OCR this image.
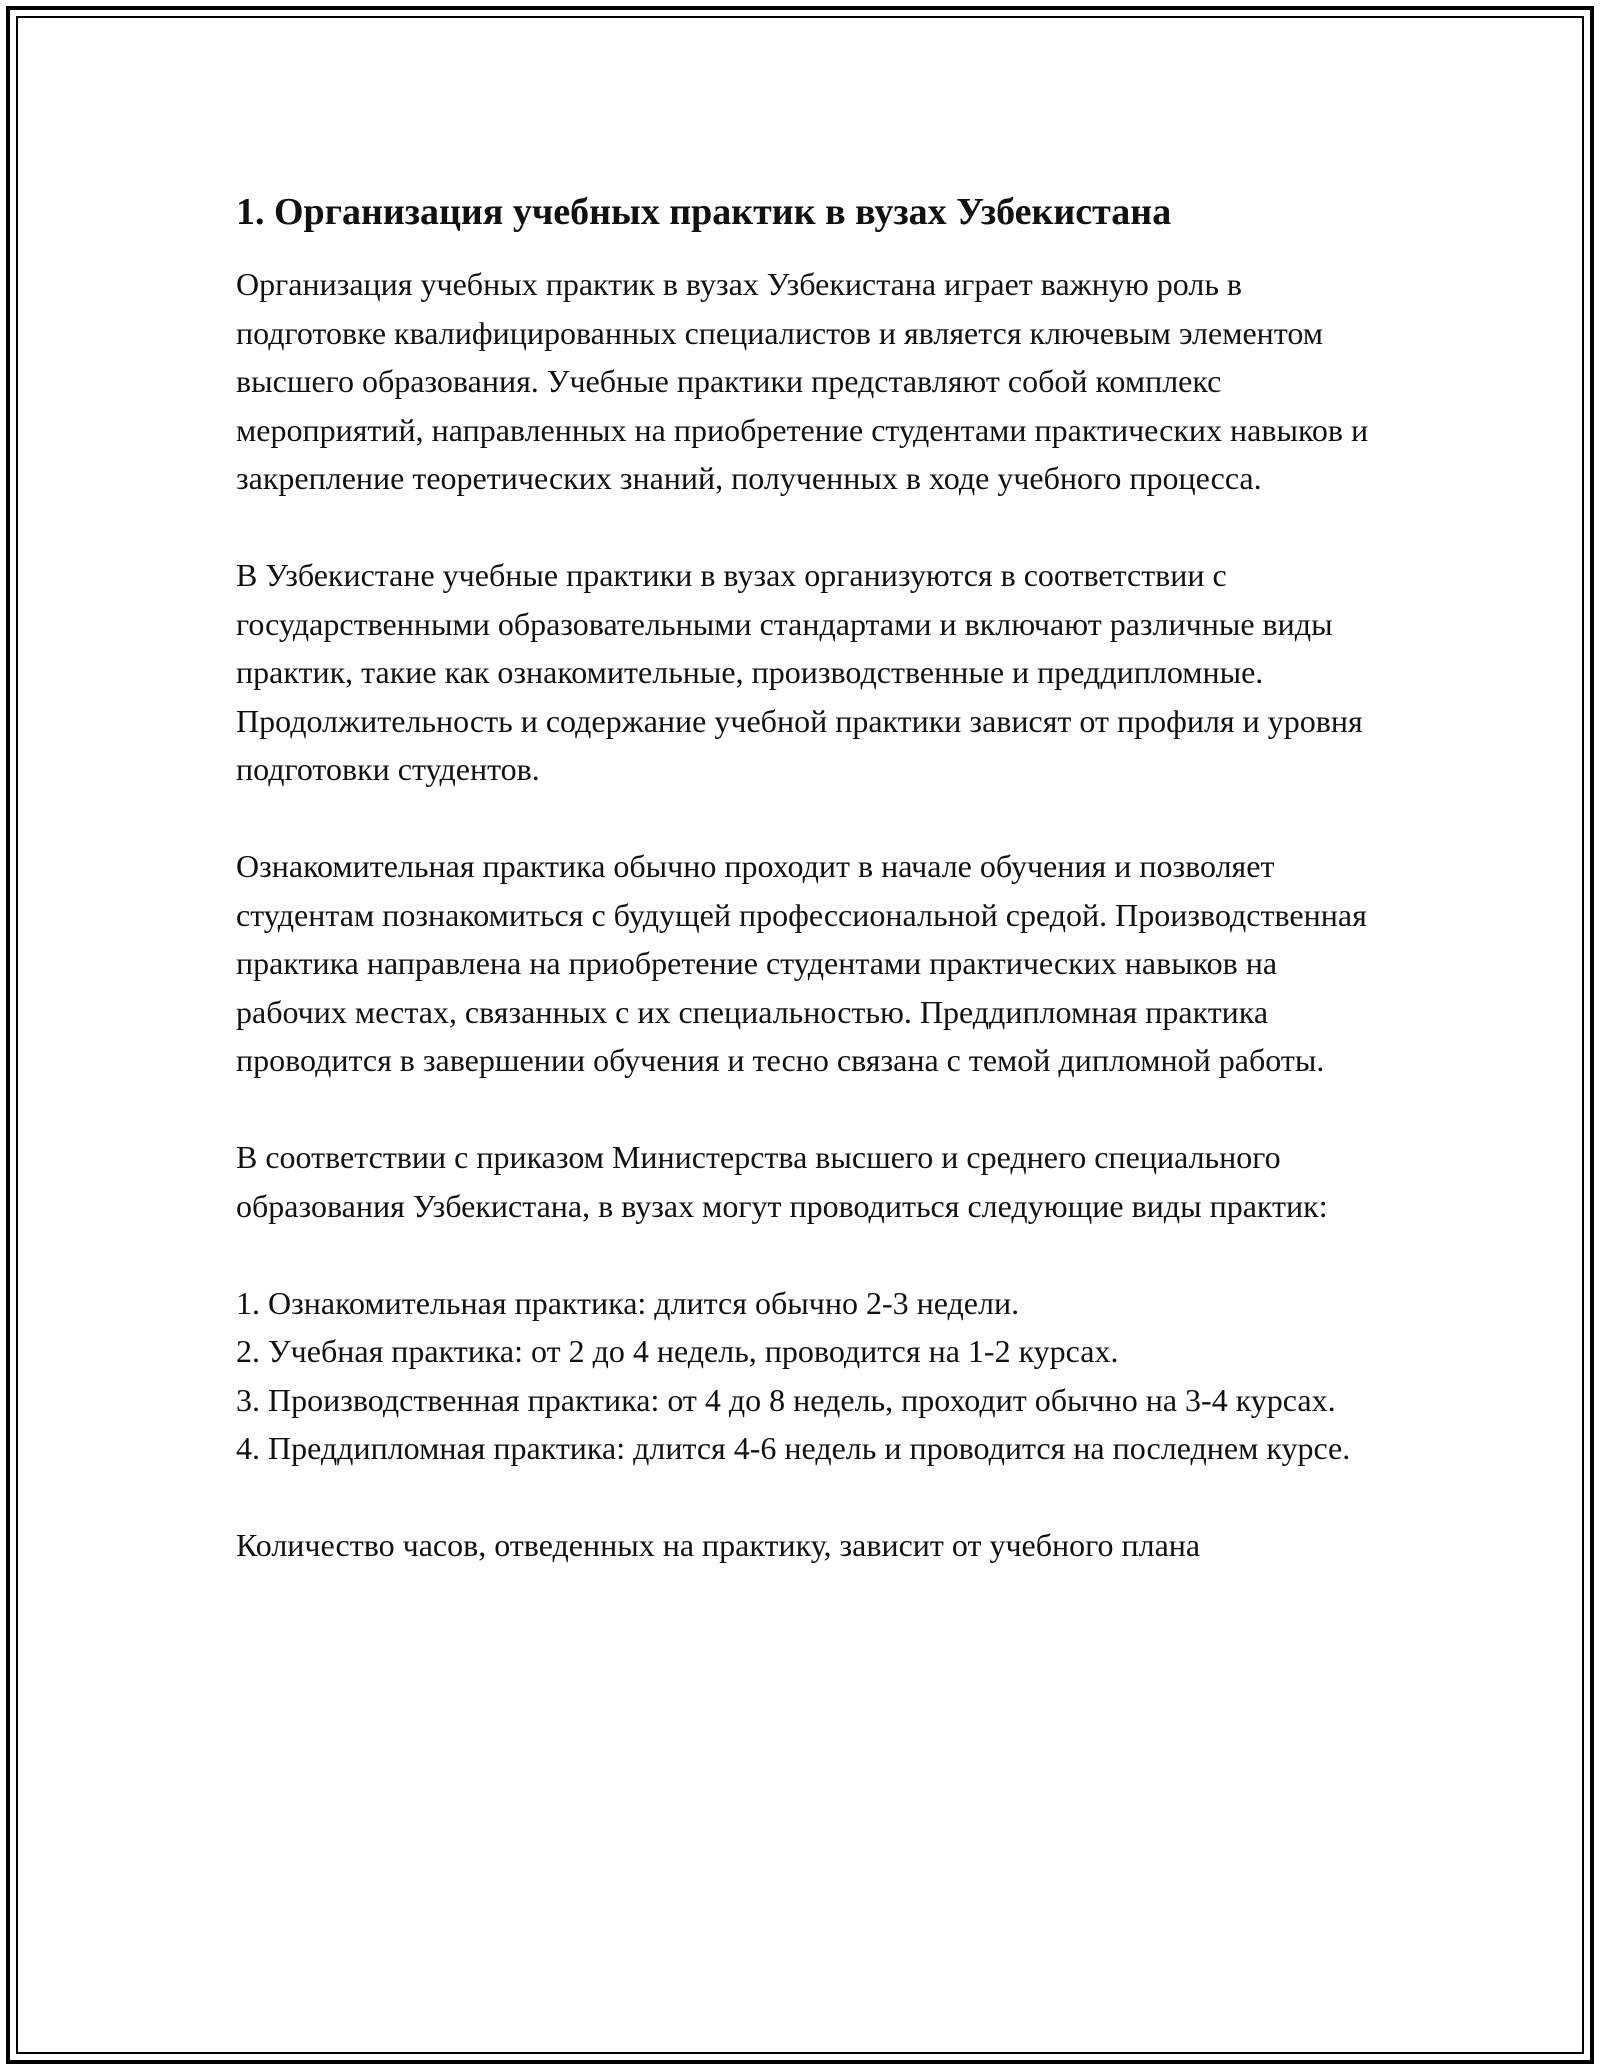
1. Организация учебных практик в вузах Узбекистана

Организация учебных практик в вузах Узбекистана играет важную роль в подготовке квалифицированных специалистов и является ключевым элементом высшего образования. Учебные практики представляют собой комплекс мероприятий, направленных на приобретение студентами практических навыков и закрепление теоретических знаний, полученных в ходе учебного процесса.

В Узбекистане учебные практики в вузах организуются в соответствии с государственными образовательными стандартами и включают различные виды практик, такие как ознакомительные, производственные и преддипломные. Продолжительность и содержание учебной практики зависят от профиля и уровня подготовки студентов.

Ознакомительная практика обычно проходит в начале обучения и позволяет студентам познакомиться с будущей профессиональной средой. Производственная практика направлена на приобретение студентами практических навыков на рабочих местах, связанных с их специальностью. Преддипломная практика проводится в завершении обучения и тесно связана с темой дипломной работы.

В соответствии с приказом Министерства высшего и среднего специального образования Узбекистана, в вузах могут проводиться следующие виды практик:

1. Ознакомительная практика: длится обычно 2-3 недели.
2. Учебная практика: от 2 до 4 недель, проводится на 1-2 курсах.
3. Производственная практика: от 4 до 8 недель, проходит обычно на 3-4 курсах.
4. Преддипломная практика: длится 4-6 недель и проводится на последнем курсе.

Количество часов, отведенных на практику, зависит от учебного плана
